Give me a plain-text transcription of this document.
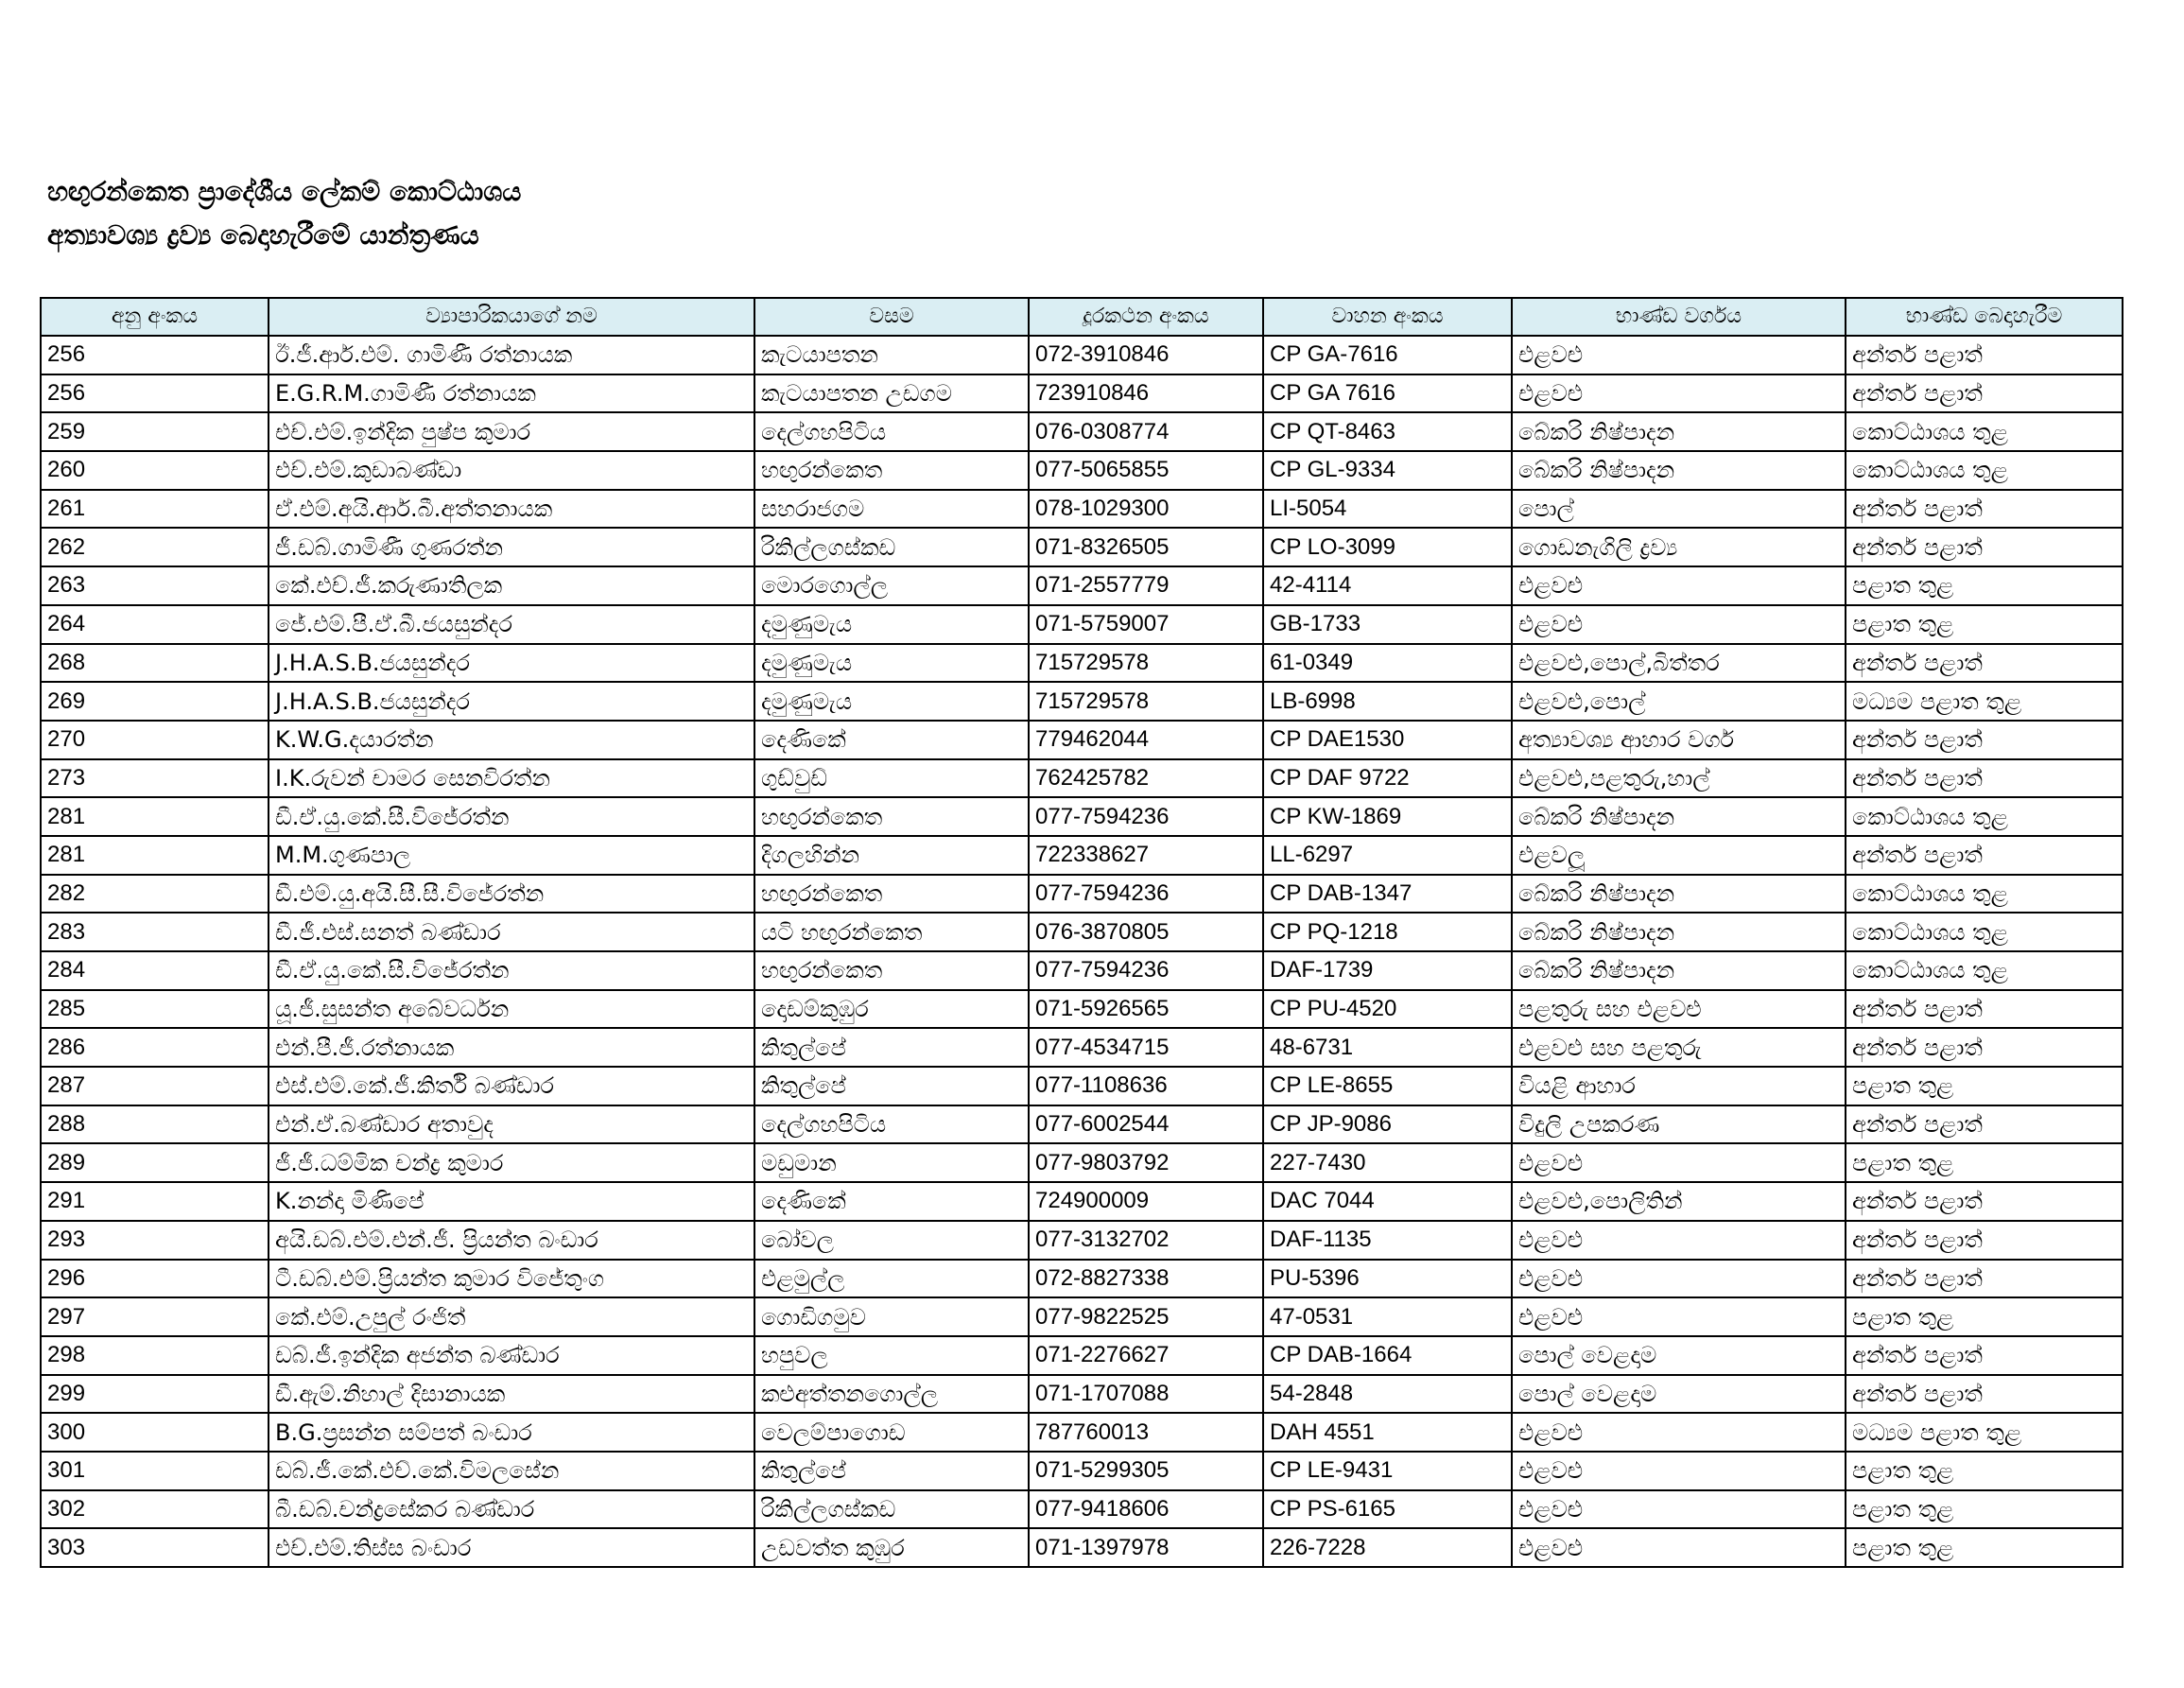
හඟුරන්කෙත ප්‍රාදේශීය ලේකම් කොට්ඨාශය
අත්‍යාවශ්‍ය ද්‍රව්‍ය බෙදාහැරීමේ යාන්ත්‍රණය
අනු අංකය	ව්‍යාපාරිකයාගේ නම	වසම	දූරකථන අංකය	වාහන අංකය	භාණ්ඩ වර්ගය	භාණ්ඩ බෙදාහැරීම
256	ඊ.ජී.ආර්.එම්. ගාමිණී රත්නායක	කැටයාපතන	072-3910846	CP GA-7616	එළවළු	අන්තර් පළාත්
256	E.G.R.M.ගාමිණී රත්නායක	කැටයාපතන උඩගම	723910846	CP GA 7616	එළවළු	අන්තර් පළාත්
259	එච්.එම්.ඉන්දික පුෂ්ප කුමාර	දෙල්ගහපිටිය	076-0308774	CP QT-8463	බේකරි නිෂ්පාදන	කොට්ඨාශය තුළ
260	එච්.එම්.කුඩාබණ්ඩා	හඟුරන්කෙත	077-5065855	CP GL-9334	බේකරි නිෂ්පාදන	කොට්ඨාශය තුළ
261	ඒ.එම්.අයි.ආර්.බී.අත්තනායක	සහරාජගම	078-1029300	LI-5054	පොල්	අන්තර් පළාත්
262	ජී.ඩබ්.ගාමිණී ගුණරත්න	රිකිල්ලගස්කඩ	071-8326505	CP LO-3099	ගොඩනැගිලි ද්‍රව්‍ය	අන්තර් පළාත්
263	කේ.එච්.ජී.කරුණාතිලක	මොරගොල්ල	071-2557779	42-4114	එළවළු	පළාත තුළ
264	ජේ.එම්.පී.ඒ.බී.ජයසුන්දර	දමුණුමැය	071-5759007	GB-1733	එළවළු	පළාත තුළ
268	J.H.A.S.B.ජයසුන්දර	දමුණුමැය	715729578	61-0349	එළවළු,පොල්,බිත්තර	අන්තර් පළාත්
269	J.H.A.S.B.ජයසුන්දර	දමුණුමැය	715729578	LB-6998	එළවළු,පොල්	මධ්‍යම පළාත තුළ
270	K.W.G.දයාරත්න	දෙණිකේ	779462044	CP DAE1530	අත්‍යාවශ්‍ය ආහාර වර්ග	අන්තර් පළාත්
273	I.K.රුවන් චාමර සෙනවිරත්න	ගුඩ්වුඩ්	762425782	CP DAF 9722	එළවළු,පළතුරු,හාල්	අන්තර් පළාත්
281	ඩී.ඒ.යු.කේ.සී.විජේරත්න	හඟුරන්කෙත	077-7594236	CP KW-1869	බේකරි නිෂ්පාදන	කොට්ඨාශය තුළ
281	M.M.ගුණපාල	දිගලහින්න	722338627	LL-6297	එළවලූ	අන්තර් පළාත්
282	ඩී.එම්.යු.අයි.සී.සී.විජේරත්න	හඟුරන්කෙත	077-7594236	CP DAB-1347	බේකරි නිෂ්පාදන	කොට්ඨාශය තුළ
283	ඩී.ජී.එස්.සනත් බණ්ඩාර	යටි හඟුරන්කෙත	076-3870805	CP PQ-1218	බේකරි නිෂ්පාදන	කොට්ඨාශය තුළ
284	ඩී.ඒ.යු.කේ.සී.විජේරත්න	හඟුරන්කෙත	077-7594236	DAF-1739	බේකරි නිෂ්පාදන	කොට්ඨාශය තුළ
285	යූ.ජී.සුසන්ත අබේවර්ධන	දොඩම්කුඹුර	071-5926565	CP PU-4520	පළතුරු සහ එළවළු	අන්තර් පළාත්
286	එන්.පී.ජී.රත්නායක	කිතුල්පේ	077-4534715	48-6731	එළවළු සහ පළතුරු	අන්තර් පළාත්
287	එස්.එම්.කේ.ජී.කිර්ති බණ්ඩාර	කිතුල්පේ	077-1108636	CP LE-8655	වියළි ආහාර	පළාත තුළ
288	එන්.ඒ.බණ්ඩාර අතාවුද	දෙල්ගහපිටිය	077-6002544	CP JP-9086	විදුලි උපකරණ	අන්තර් පළාත්
289	ජී.ජී.ධම්මික චන්ද්‍ර කුමාර	මඩුමාන	077-9803792	227-7430	එළවළු	පළාත තුළ
291	K.නන්දා මිණිපේ	දෙණිකේ	724900009	DAC 7044	එළවළු,පොලිතින්	අන්තර් පළාත්
293	අයි.ඩබ්.එම්.එන්.ජී. ප්‍රියන්ත බංඩාර	බෝවල	077-3132702	DAF-1135	එළවළු	අන්තර් පළාත්
296	ටී.ඩබ්.එම්.ප්‍රියන්ත කුමාර විජේතුංග	එළමුල්ල	072-8827338	PU-5396	එළවළු	අන්තර් පළාත්
297	කේ.එම්.උපුල් රංජිත්	ගොඩිගමුව	077-9822525	47-0531	එළවළු	පළාත තුළ
298	ඩබ්.ජී.ඉන්දික අජන්ත බණ්ඩාර	හපුවල	071-2276627	CP DAB-1664	පොල් වෙළදාම	අන්තර් පළාත්
299	ඩී.ඇම්.නිහාල් දිසානායක	කළුඅත්තනගොල්ල	071-1707088	54-2848	පොල් වෙළදාම	අන්තර් පළාත්
300	B.G.ප්‍රසන්න සම්පත් බංඩාර	වෙලම්පාගොඩ	787760013	DAH 4551	එළවළු	මධ්‍යම පළාත තුළ
301	ඩබ්.ජී.කේ.එච්.කේ.විමලසේන	කිතුල්පේ	071-5299305	CP LE-9431	එළවළු	පළාත තුළ
302	බී.ඩබ්.චන්ද්‍රසේකර බණ්ඩාර	රිකිල්ලගස්කඩ	077-9418606	CP PS-6165	එළවළු	පළාත තුළ
303	එච්.එම්.තිස්ස බංඩාර	උඩවත්ත කුඹුර	071-1397978	226-7228	එළවළු	පළාත තුළ
